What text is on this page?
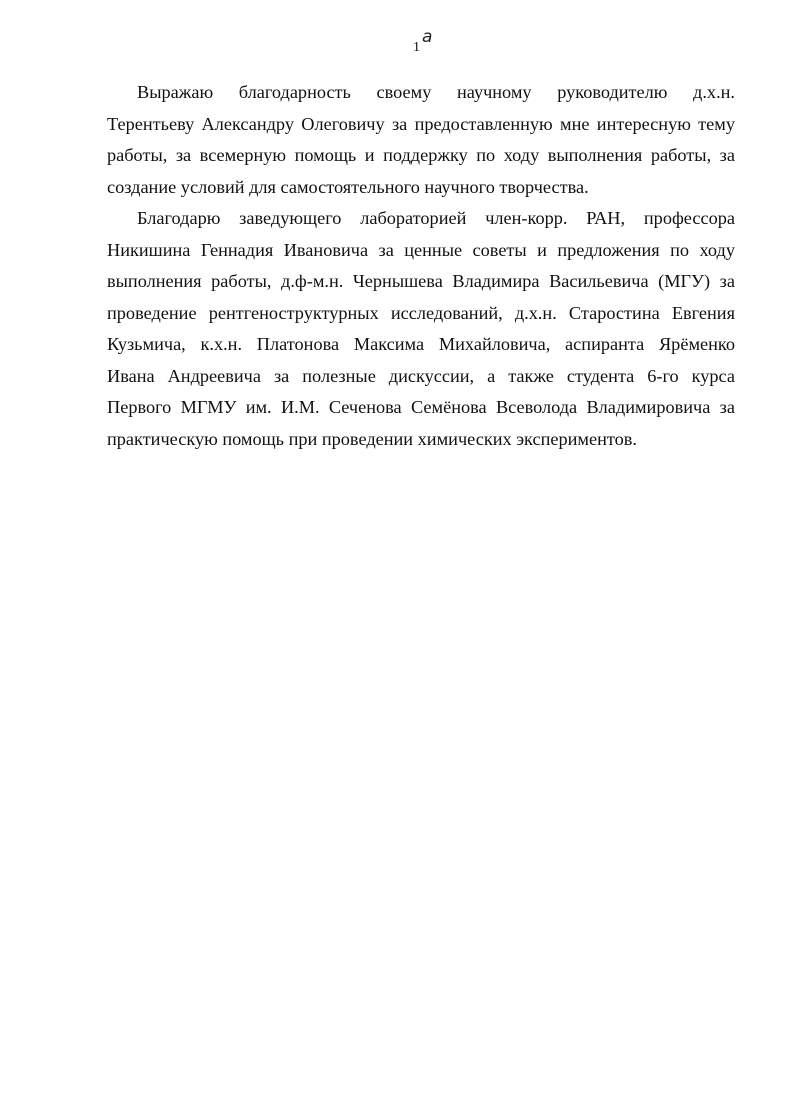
1
a
Выражаю благодарность своему научному руководителю д.х.н.
Терентьеву Александру Олеговичу за предоставленную мне интересную тему
работы, за всемерную помощь и поддержку по ходу выполнения работы, за
создание условий для самостоятельного научного творчества.
Благодарю заведующего лабораторией член-корр. РАН, профессора
Никишина Геннадия Ивановича за ценные советы и предложения по ходу
выполнения работы, д.ф-м.н. Чернышева Владимира Васильевича (МГУ) за
проведение рентгеноструктурных исследований, д.х.н. Старостина Евгения
Кузьмича, к.х.н. Платонова Максима Михайловича, аспиранта Ярёменко
Ивана Андреевича за полезные дискуссии, а также студента 6-го курса
Первого МГМУ им. И.М. Сеченова Семёнова Всеволода Владимировича за
практическую помощь при проведении химических экспериментов.
